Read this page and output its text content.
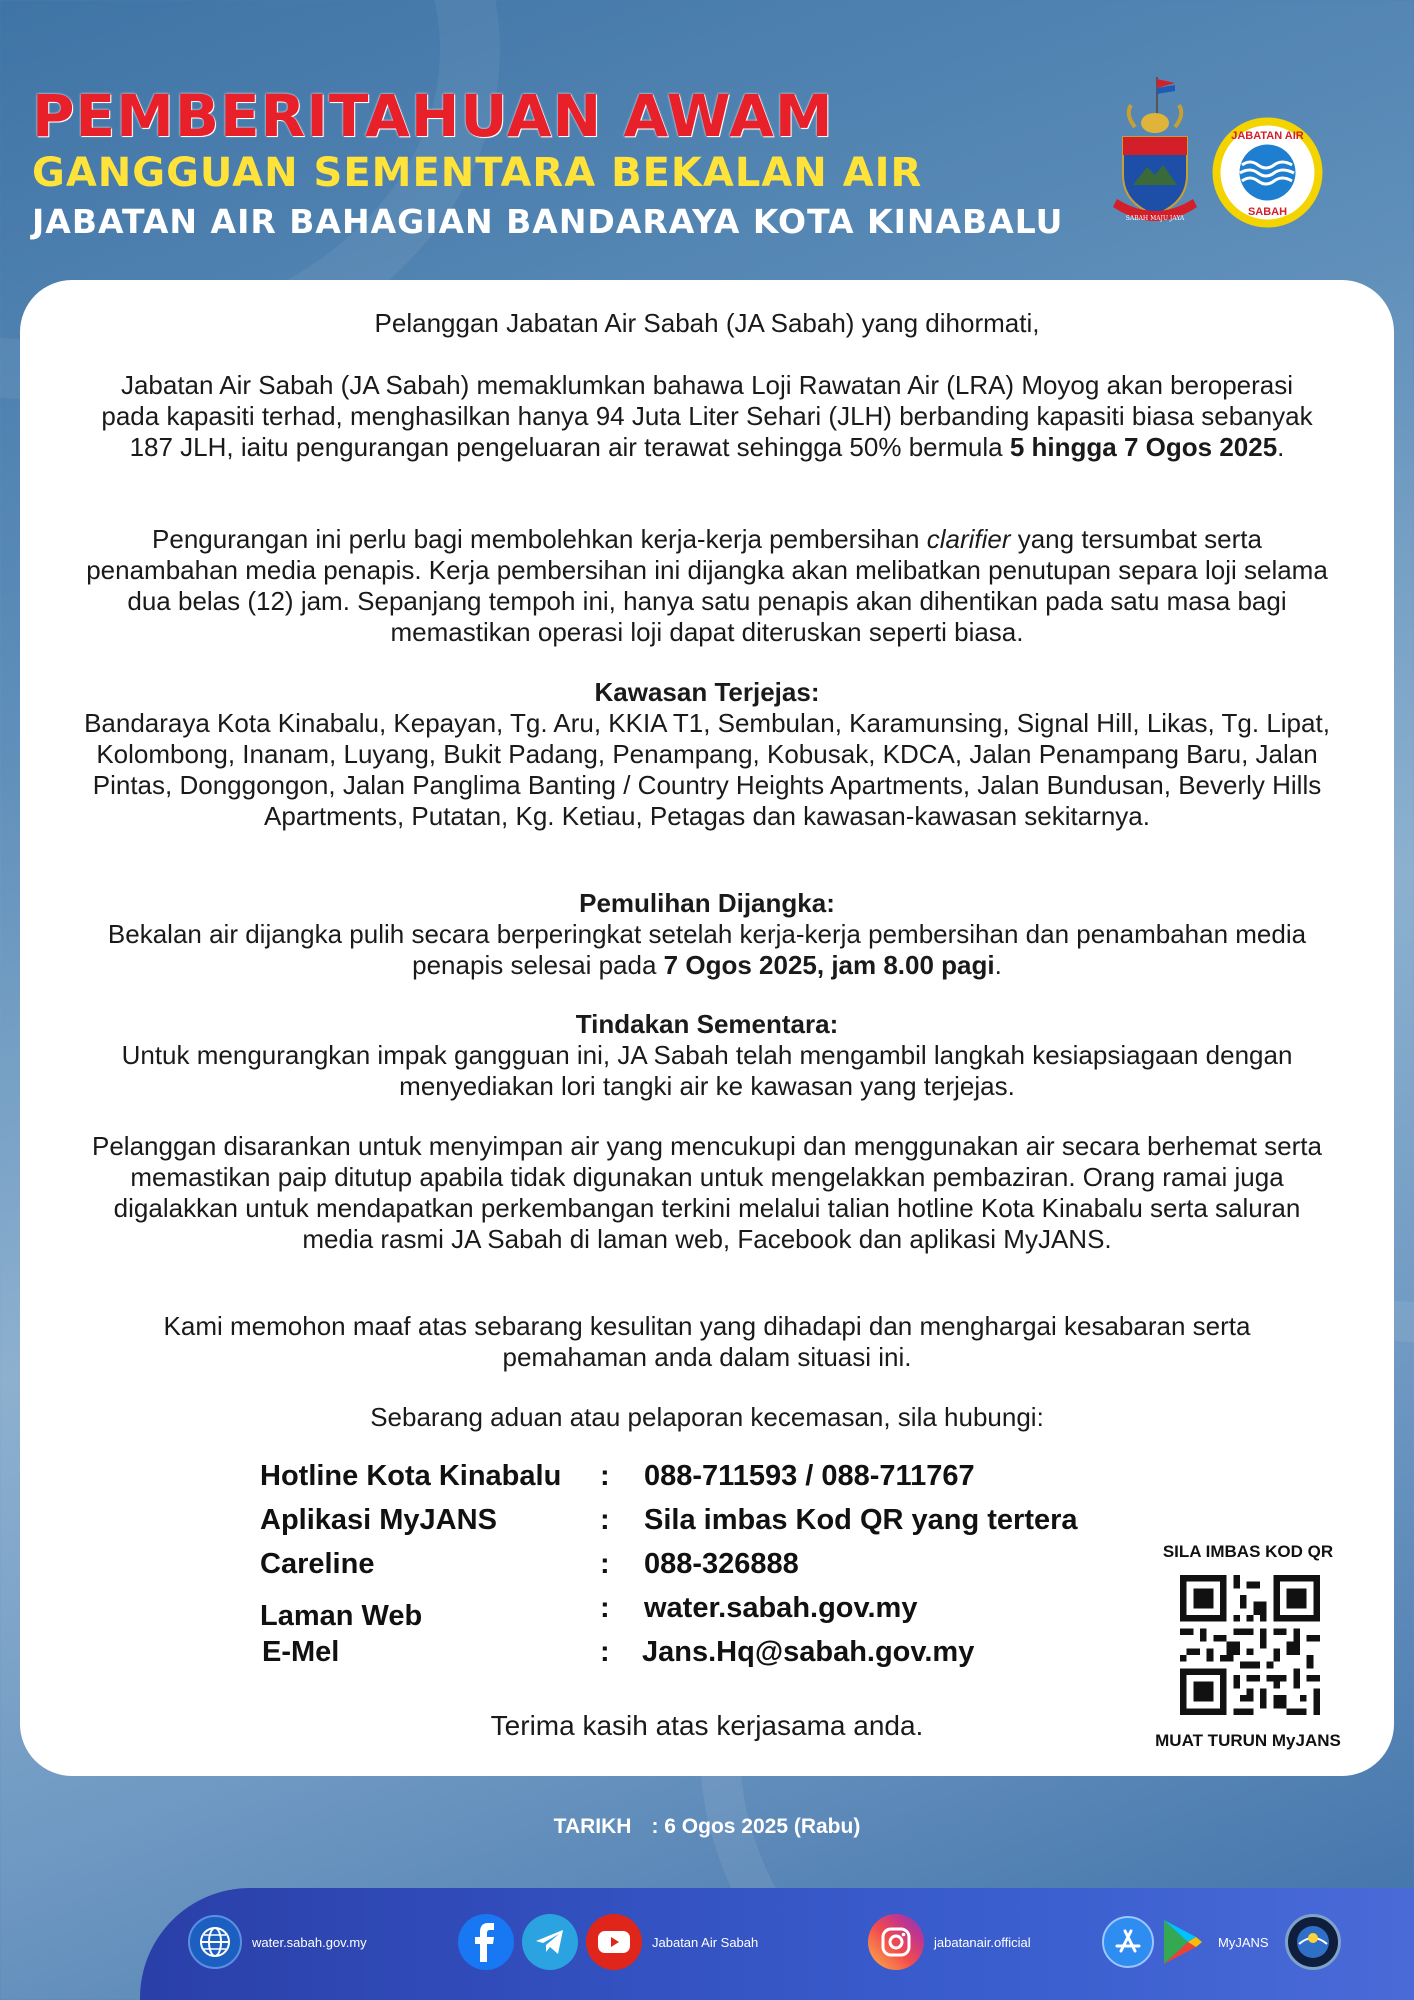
PEMBERITAHUAN AWAM
GANGGUAN SEMENTARA BEKALAN AIR
JABATAN AIR BAHAGIAN BANDARAYA KOTA KINABALU	SABAH MAJU JAYA
JABATAN AIR
SABAH
Pelanggan Jabatan Air Sabah (JA Sabah) yang dihormati,
Jabatan Air Sabah (JA Sabah) memaklumkan bahawa Loji Rawatan Air (LRA) Moyog akan beroperasi pada kapasiti terhad, menghasilkan hanya 94 Juta Liter Sehari (JLH) berbanding kapasiti biasa sebanyak 187 JLH, iaitu pengurangan pengeluaran air terawat sehingga 50% bermula 5 hingga 7 Ogos 2025.
Pengurangan ini perlu bagi membolehkan kerja-kerja pembersihan clarifier yang tersumbat serta penambahan media penapis. Kerja pembersihan ini dijangka akan melibatkan penutupan separa loji selama dua belas (12) jam. Sepanjang tempoh ini, hanya satu penapis akan dihentikan pada satu masa bagi memastikan operasi loji dapat diteruskan seperti biasa.
Kawasan Terjejas:
Bandaraya Kota Kinabalu, Kepayan, Tg. Aru, KKIA T1, Sembulan, Karamunsing, Signal Hill, Likas, Tg. Lipat, Kolombong, Inanam, Luyang, Bukit Padang, Penampang, Kobusak, KDCA, Jalan Penampang Baru, Jalan Pintas, Donggongon, Jalan Panglima Banting / Country Heights Apartments, Jalan Bundusan, Beverly Hills Apartments, Putatan, Kg. Ketiau, Petagas dan kawasan-kawasan sekitarnya.
Pemulihan Dijangka:
Bekalan air dijangka pulih secara berperingkat setelah kerja-kerja pembersihan dan penambahan media penapis selesai pada 7 Ogos 2025, jam 8.00 pagi.
Tindakan Sementara:
Untuk mengurangkan impak gangguan ini, JA Sabah telah mengambil langkah kesiapsiagaan dengan menyediakan lori tangki air ke kawasan yang terjejas.
Pelanggan disarankan untuk menyimpan air yang mencukupi dan menggunakan air secara berhemat serta memastikan paip ditutup apabila tidak digunakan untuk mengelakkan pembaziran. Orang ramai juga digalakkan untuk mendapatkan perkembangan terkini melalui talian hotline Kota Kinabalu serta saluran media rasmi JA Sabah di laman web, Facebook dan aplikasi MyJANS.
Kami memohon maaf atas sebarang kesulitan yang dihadapi dan menghargai kesabaran serta pemahaman anda dalam situasi ini.
Sebarang aduan atau pelaporan kecemasan, sila hubungi:
Hotline Kota Kinabalu : 088-711593 / 088-711767
Aplikasi MyJANS	: Sila imbas Kod QR yang tertera
Careline	: 088-326888
Laman Web	: water.sabah.gov.my
E-Mel	: Jans.Hq@sabah.gov.my
SILA IMBAS KOD QR
MUAT TURUN MyJANS
Terima kasih atas kerjasama anda.
TARIKH : 6 Ogos 2025 (Rabu)
water.sabah.gov.my	Jabatan Air Sabah	jabatanair.official	MyJANS
